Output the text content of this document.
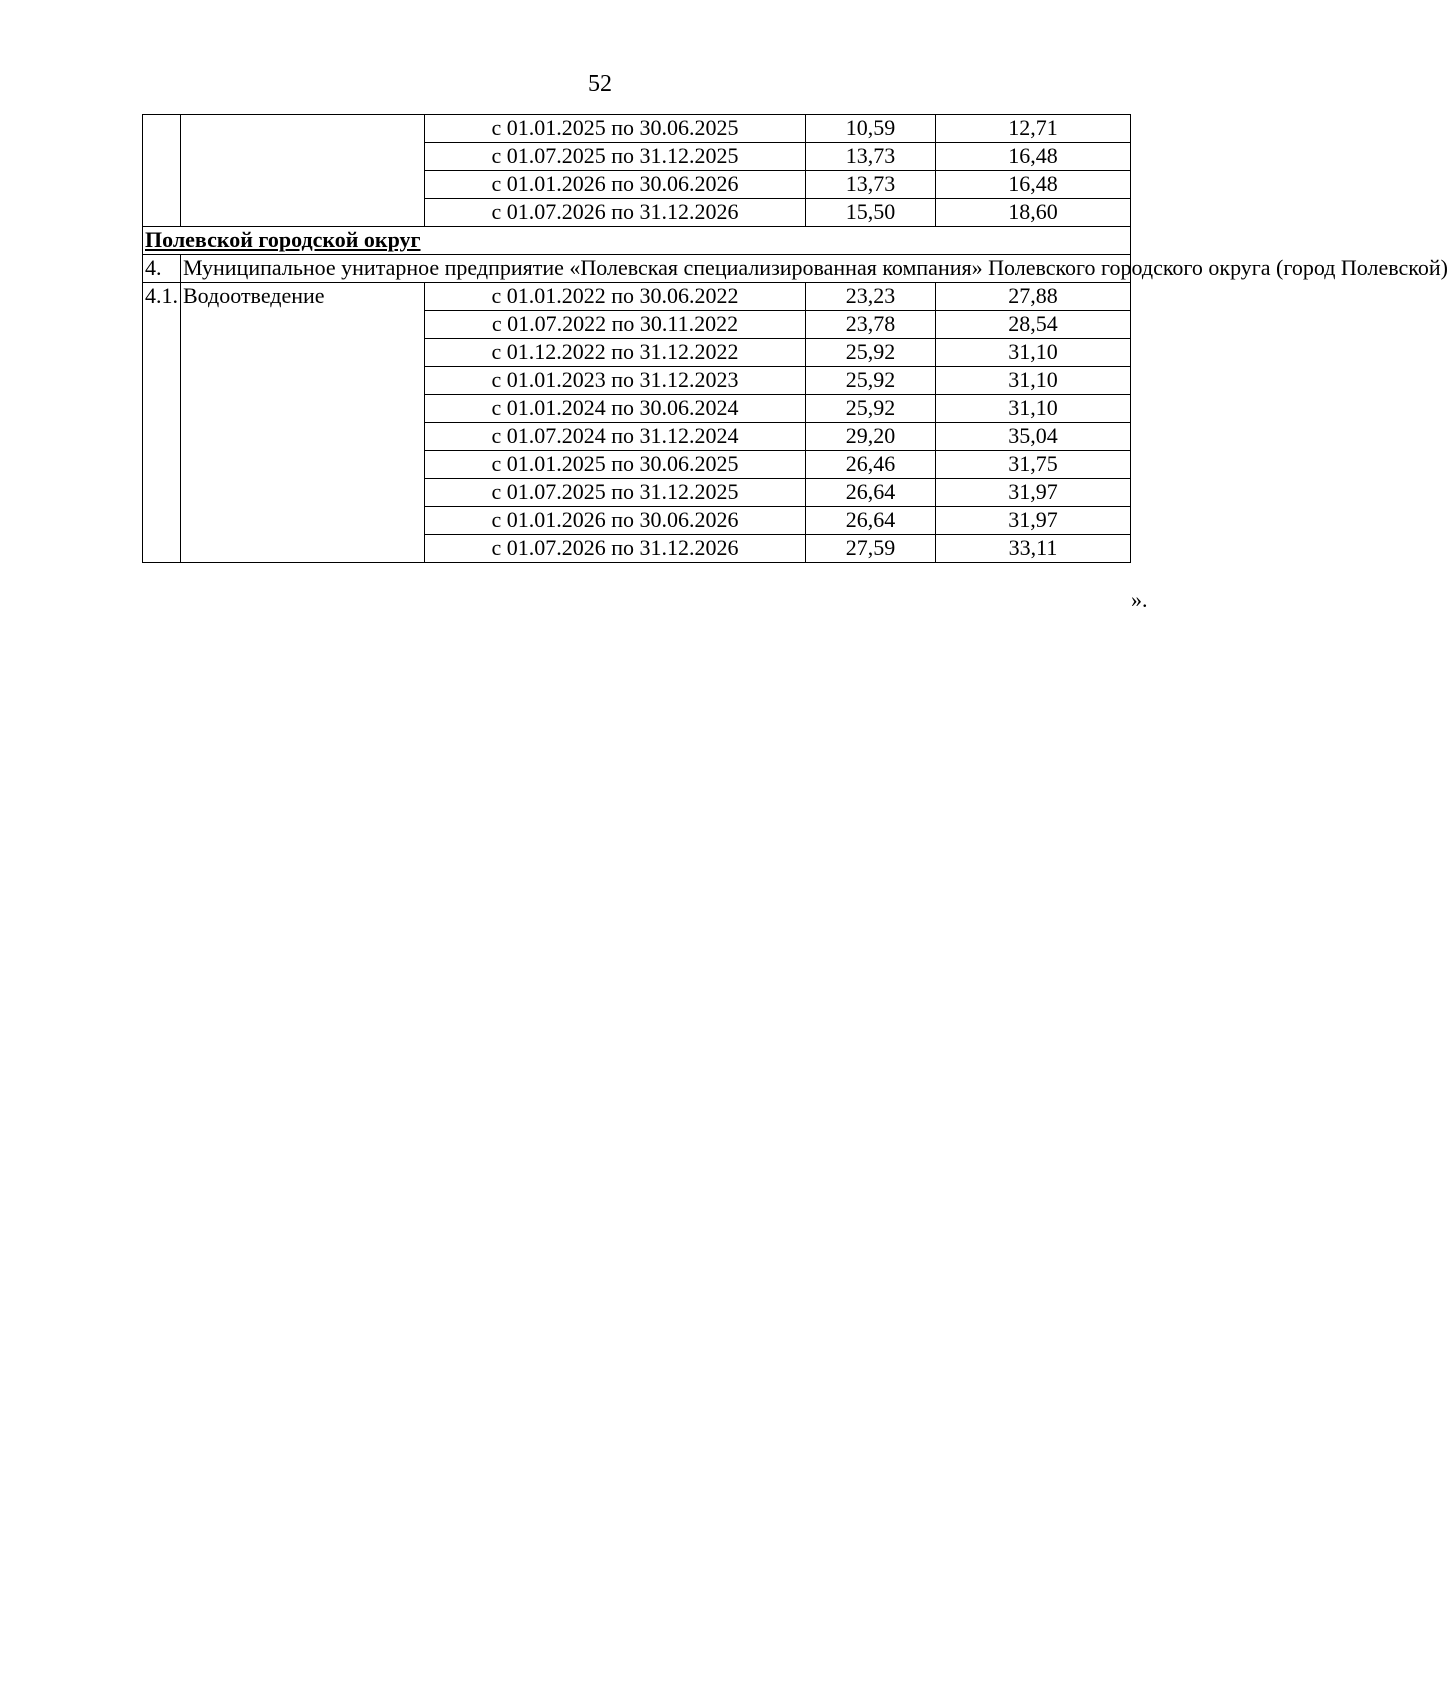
52
		с 01.01.2025 по 30.06.2025	10,59	12,71
		с 01.07.2025 по 31.12.2025	13,73	16,48
		с 01.01.2026 по 30.06.2026	13,73	16,48
		с 01.07.2026 по 31.12.2026	15,50	18,60
Полевской городской округ				
4.	Муниципальное унитарное предприятие «Полевская специализированная компания» Полевского городского округа (город Полевской)			
4.1.	Водоотведение	с 01.01.2022 по 30.06.2022	23,23	27,88
		с 01.07.2022 по 30.11.2022	23,78	28,54
		с 01.12.2022 по 31.12.2022	25,92	31,10
		с 01.01.2023 по 31.12.2023	25,92	31,10
		с 01.01.2024 по 30.06.2024	25,92	31,10
		с 01.07.2024 по 31.12.2024	29,20	35,04
		с 01.01.2025 по 30.06.2025	26,46	31,75
		с 01.07.2025 по 31.12.2025	26,64	31,97
		с 01.01.2026 по 30.06.2026	26,64	31,97
		с 01.07.2026 по 31.12.2026	27,59	33,11
».
